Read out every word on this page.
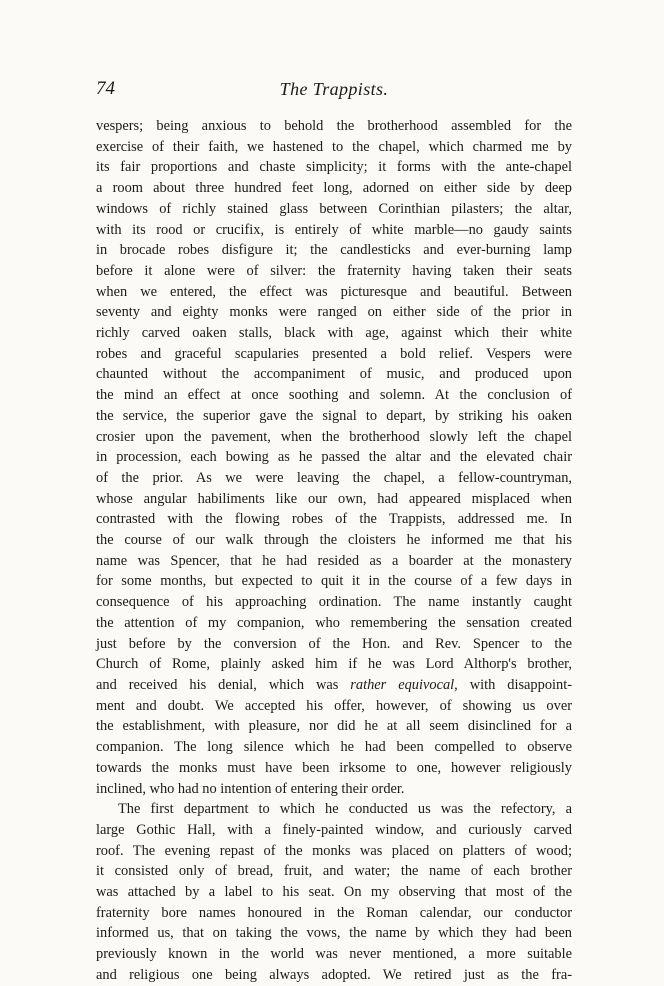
74	The Trappists.
vespers; being anxious to behold the brotherhood assembled for the
exercise of their faith, we hastened to the chapel, which charmed me by
its fair proportions and chaste simplicity; it forms with the ante-chapel
a room about three hundred feet long, adorned on either side by deep
windows of richly stained glass between Corinthian pilasters; the altar,
with its rood or crucifix, is entirely of white marble—no gaudy saints
in brocade robes disfigure it; the candlesticks and ever-burning lamp
before it alone were of silver: the fraternity having taken their seats
when we entered, the effect was picturesque and beautiful. Between
seventy and eighty monks were ranged on either side of the prior in
richly carved oaken stalls, black with age, against which their white
robes and graceful scapularies presented a bold relief. Vespers were
chaunted without the accompaniment of music, and produced upon
the mind an effect at once soothing and solemn. At the conclusion of
the service, the superior gave the signal to depart, by striking his oaken
crosier upon the pavement, when the brotherhood slowly left the chapel
in procession, each bowing as he passed the altar and the elevated chair
of the prior. As we were leaving the chapel, a fellow-countryman,
whose angular habiliments like our own, had appeared misplaced when
contrasted with the flowing robes of the Trappists, addressed me. In
the course of our walk through the cloisters he informed me that his
name was Spencer, that he had resided as a boarder at the monastery
for some months, but expected to quit it in the course of a few days in
consequence of his approaching ordination. The name instantly caught
the attention of my companion, who remembering the sensation created
just before by the conversion of the Hon. and Rev. Spencer to the
Church of Rome, plainly asked him if he was Lord Althorp's brother,
and received his denial, which was rather equivocal, with disappoint-
ment and doubt. We accepted his offer, however, of showing us over
the establishment, with pleasure, nor did he at all seem disinclined for a
companion. The long silence which he had been compelled to observe
towards the monks must have been irksome to one, however religiously
inclined, who had no intention of entering their order.
The first department to which he conducted us was the refectory, a
large Gothic Hall, with a finely-painted window, and curiously carved
roof. The evening repast of the monks was placed on platters of wood;
it consisted only of bread, fruit, and water; the name of each brother
was attached by a label to his seat. On my observing that most of the
fraternity bore names honoured in the Roman calendar, our conductor
informed us, that on taking the vows, the name by which they had been
previously known in the world was never mentioned, a more suitable
and religious one being always adopted. We retired just as the fra-
